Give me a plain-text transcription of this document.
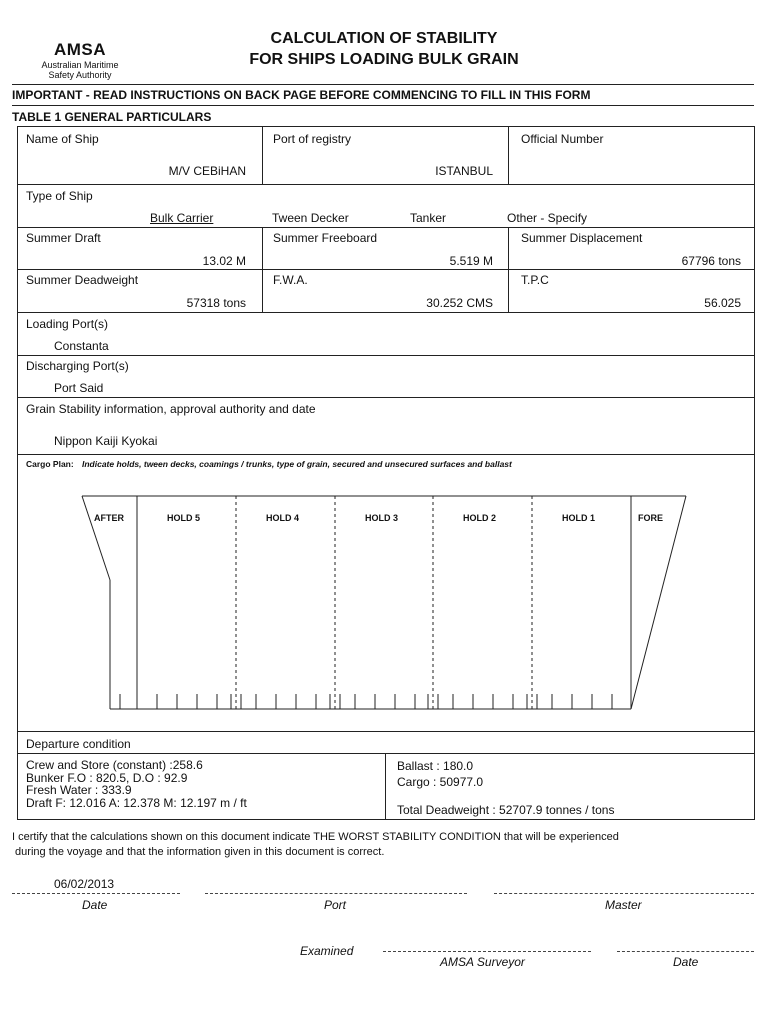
AMSA
Australian Maritime
Safety Authority
CALCULATION OF STABILITY
FOR SHIPS LOADING BULK GRAIN
IMPORTANT - READ INSTRUCTIONS ON BACK PAGE BEFORE COMMENCING TO FILL IN THIS FORM
TABLE 1 GENERAL PARTICULARS
Name of Ship
M/V CEBiHAN
Port of registry
ISTANBUL
Official Number
Type of Ship
Bulk Carrier	Tween Decker	Tanker	Other - Specify
Summer Draft
13.02 M
Summer Freeboard
5.519 M
Summer Displacement
67796 tons
Summer Deadweight
57318 tons
F.W.A.
30.252 CMS
T.P.C
56.025
Loading Port(s)
Constanta
Discharging Port(s)
Port Said
Grain Stability information, approval authority and date
Nippon Kaiji Kyokai
Cargo Plan: Indicate holds, tween decks, coamings / trunks, type of grain, secured and unsecured surfaces and ballast
AFTER	HOLD 5	HOLD 4	HOLD 3	HOLD 2	HOLD 1	FORE
Departure condition
Crew and Store (constant) :258.6
Bunker F.O : 820.5, D.O : 92.9
Fresh Water : 333.9
Draft F: 12.016 A: 12.378 M: 12.197 m / ft
Ballast : 180.0
Cargo : 50977.0
Total Deadweight : 52707.9 tonnes / tons
I certify that the calculations shown on this document indicate THE WORST STABILITY CONDITION that will be experienced
during the voyage and that the information given in this document is correct.
06/02/2013
Date	Port	Master
Examined
AMSA Surveyor	Date
